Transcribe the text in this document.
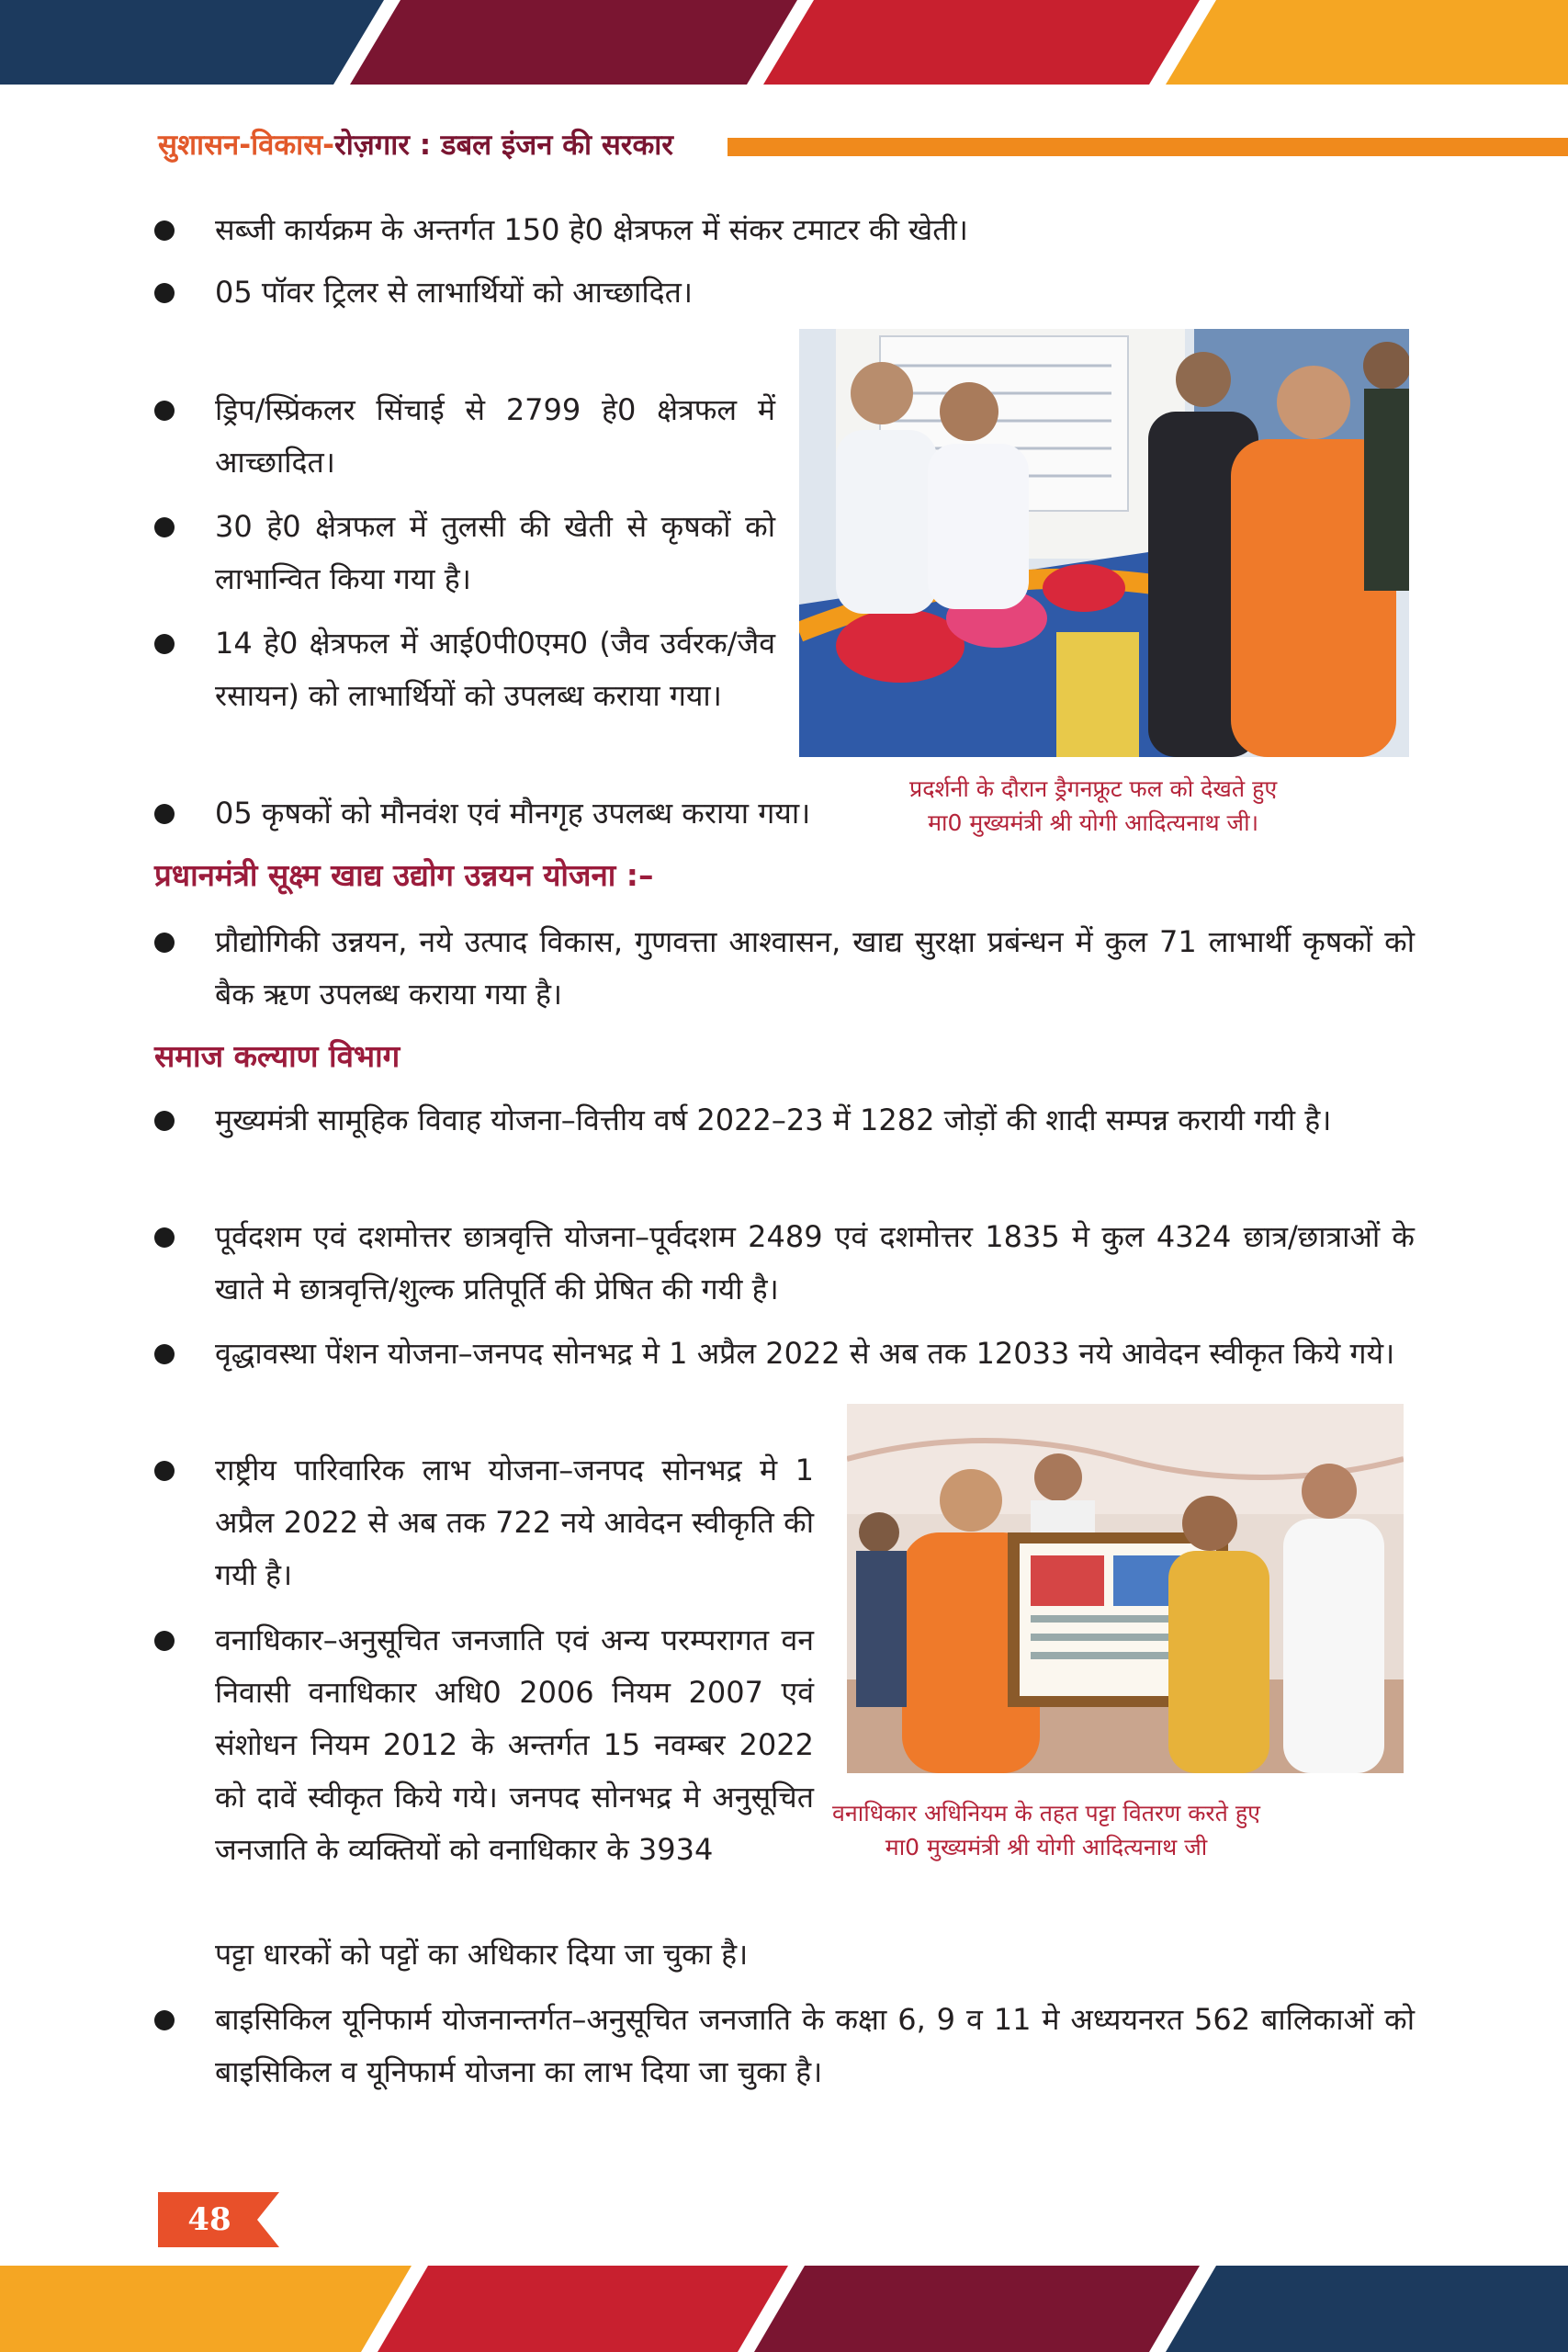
सुशासन-विकास-रोज़गार : डबल इंजन की सरकार
सब्जी कार्यक्रम के अन्तर्गत 150 हे0 क्षेत्रफल में संकर टमाटर की खेती।
05 पॉवर ट्रिलर से लाभार्थियों को आच्छादित।
ड्रिप/स्प्रिंकलर सिंचाई से 2799 हे0 क्षेत्रफल में आच्छादित।
30 हे0 क्षेत्रफल में तुलसी की खेती से कृषकों को लाभान्वित किया गया है।
14 हे0 क्षेत्रफल में आई0पी0एम0 (जैव उर्वरक/जैव रसायन) को लाभार्थियों को उपलब्ध कराया गया।
05 कृषकों को मौनवंश एवं मौनगृह उपलब्ध कराया गया।
प्रदर्शनी के दौरान ड्रैगनफ्रूट फल को देखते हुए
मा0 मुख्यमंत्री श्री योगी आदित्यनाथ जी।
प्रधानमंत्री सूक्ष्म खाद्य उद्योग उन्नयन योजना :–
प्रौद्योगिकी उन्नयन, नये उत्पाद विकास, गुणवत्ता आश्वासन, खाद्य सुरक्षा प्रबंन्धन में कुल 71 लाभार्थी कृषकों को बैक ऋण उपलब्ध कराया गया है।
समाज कल्याण विभाग
मुख्यमंत्री सामूहिक विवाह योजना–वित्तीय वर्ष 2022–23 में 1282 जोड़ों की शादी सम्पन्न करायी गयी है।
पूर्वदशम एवं दशमोत्तर छात्रवृत्ति योजना–पूर्वदशम 2489 एवं दशमोत्तर 1835 मे कुल 4324 छात्र/छात्राओं के खाते मे छात्रवृत्ति/शुल्क प्रतिपूर्ति की प्रेषित की गयी है।
वृद्धावस्था पेंशन योजना–जनपद सोनभद्र मे 1 अप्रैल 2022 से अब तक 12033 नये आवेदन स्वीकृत किये गये।
राष्ट्रीय पारिवारिक लाभ योजना–जनपद सोनभद्र मे 1 अप्रैल 2022 से अब तक 722 नये आवेदन स्वीकृति की गयी है।
वनाधिकार–अनुसूचित जनजाति एवं अन्य परम्परागत वन निवासी वनाधिकार अधि0 2006 नियम 2007 एवं संशोधन नियम 2012 के अन्तर्गत 15 नवम्बर 2022 को दावें स्वीकृत किये गये। जनपद सोनभद्र मे अनुसूचित जनजाति के व्यक्तियों को वनाधिकार के 3934
पट्टा धारकों को पट्टों का अधिकार दिया जा चुका है।
बाइसिकिल यूनिफार्म योजनान्तर्गत–अनुसूचित जनजाति के कक्षा 6, 9 व 11 मे अध्ययनरत 562 बालिकाओं को बाइसिकिल व यूनिफार्म योजना का लाभ दिया जा चुका है।
वनाधिकार अधिनियम के तहत पट्टा वितरण करते हुए
मा0 मुख्यमंत्री श्री योगी आदित्यनाथ जी
48
